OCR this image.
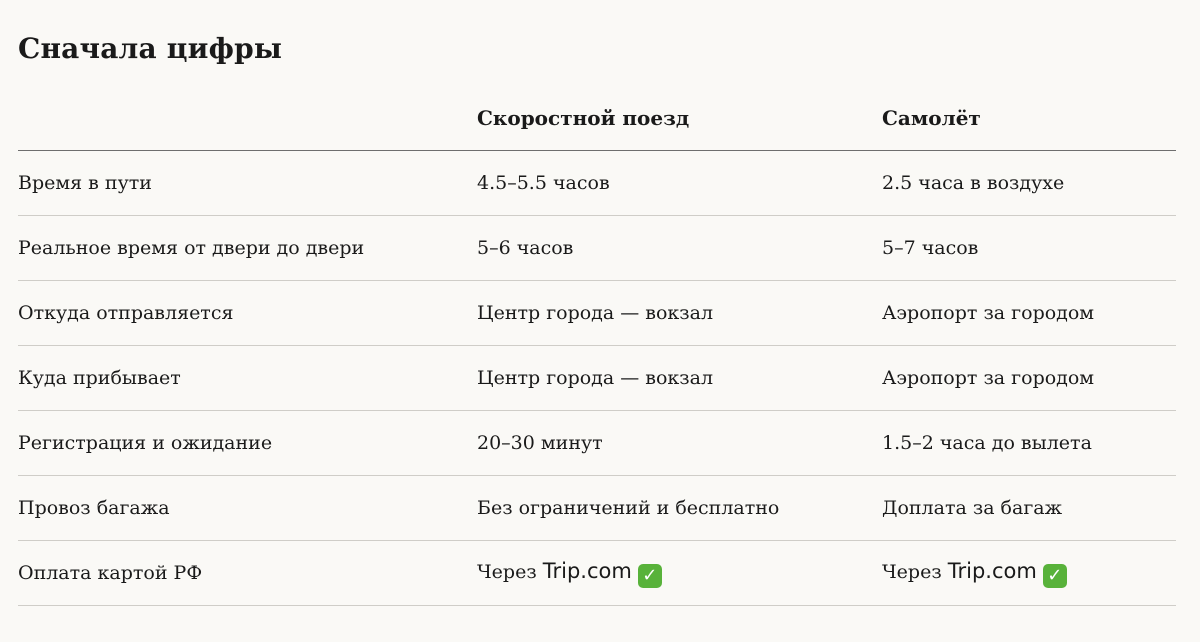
Сначала цифры
	Скоростной поезд	Самолёт
Время в пути	4.5–5.5 часов	2.5 часа в воздухе
Реальное время от двери до двери	5–6 часов	5–7 часов
Откуда отправляется	Центр города — вокзал	Аэропорт за городом
Куда прибывает	Центр города — вокзал	Аэропорт за городом
Регистрация и ожидание	20–30 минут	1.5–2 часа до вылета
Провоз багажа	Без ограничений и бесплатно	Доплата за багаж
Оплата картой РФ	Через Trip.com ✓	Через Trip.com ✓
